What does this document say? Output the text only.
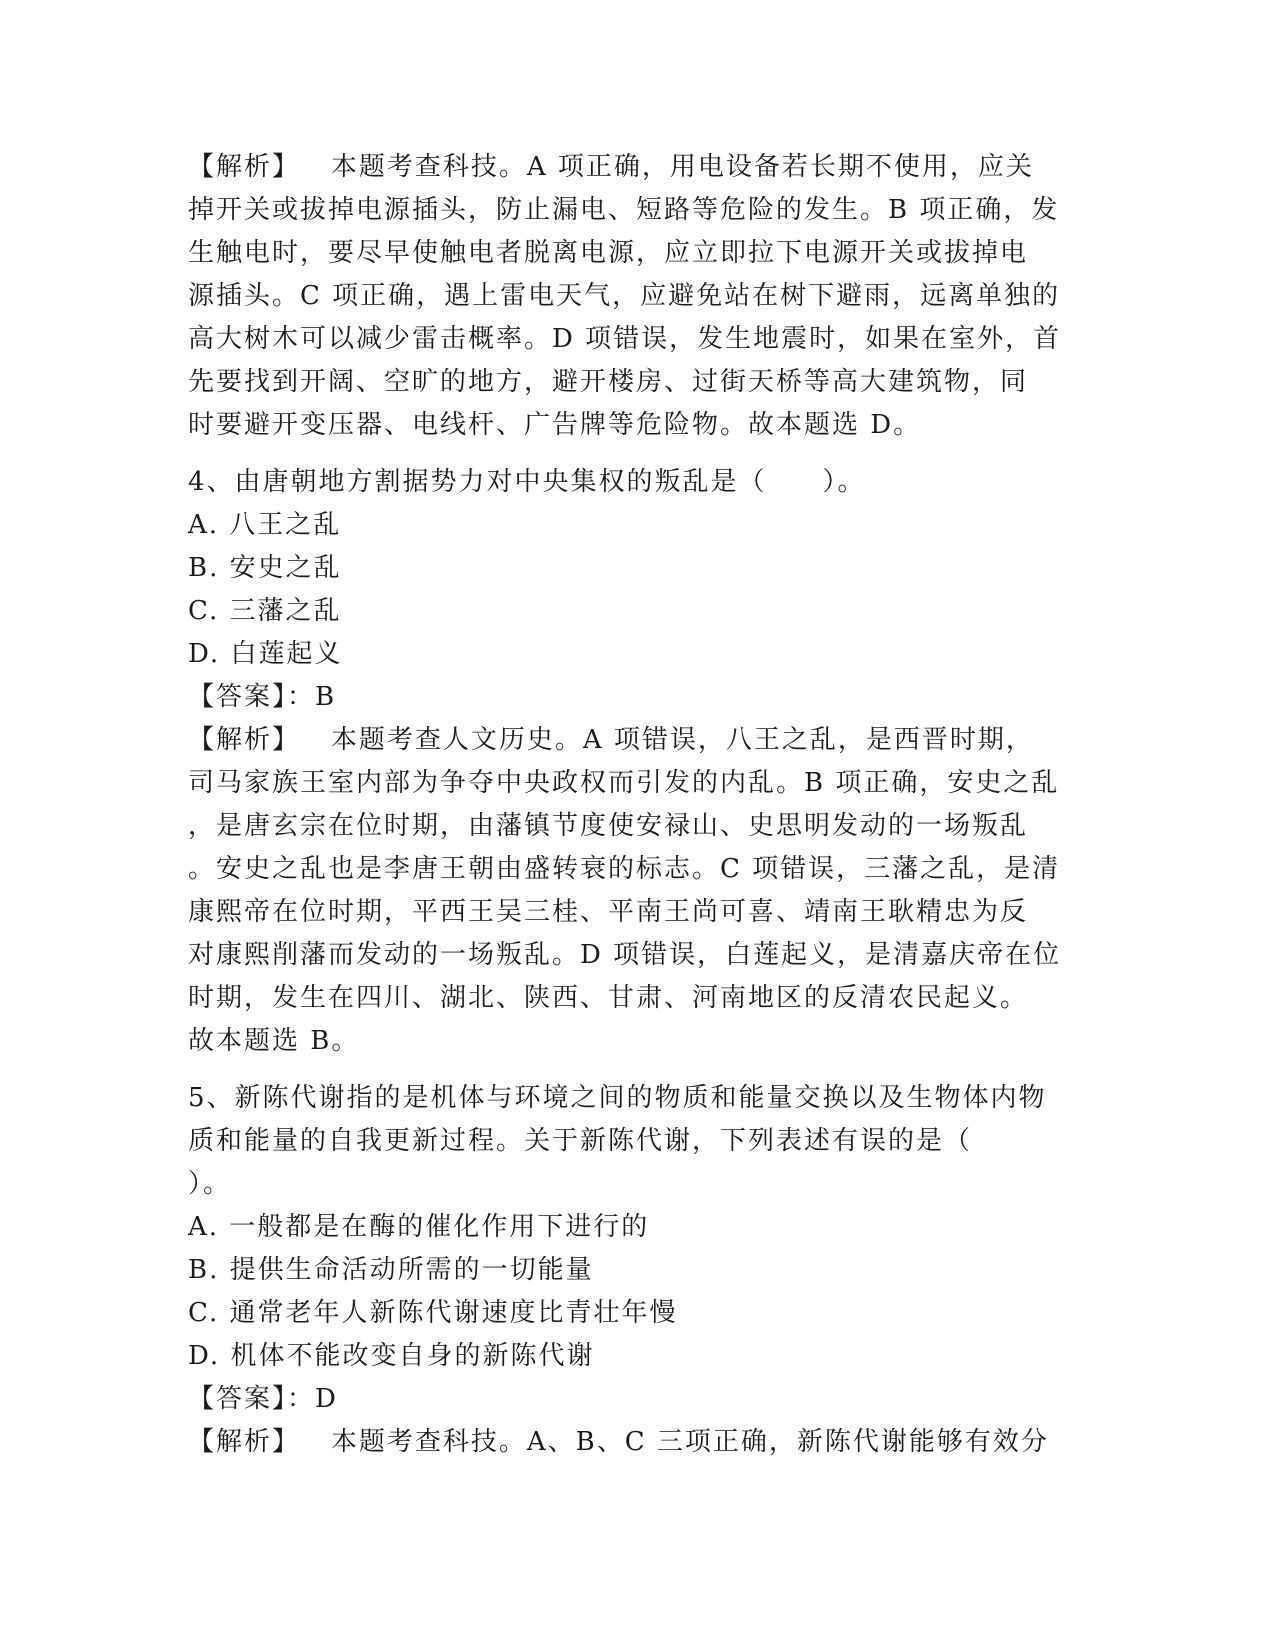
【解析】 本题考查科技。A 项正确，用电设备若长期不使用，应关
掉开关或拔掉电源插头，防止漏电、短路等危险的发生。B 项正确，发
生触电时，要尽早使触电者脱离电源，应立即拉下电源开关或拔掉电
源插头。C 项正确，遇上雷电天气，应避免站在树下避雨，远离单独的
高大树木可以减少雷击概率。D 项错误，发生地震时，如果在室外，首
先要找到开阔、空旷的地方，避开楼房、过街天桥等高大建筑物，同
时要避开变压器、电线杆、广告牌等危险物。故本题选 D。
4、由唐朝地方割据势力对中央集权的叛乱是（　　）。
A. 八王之乱
B. 安史之乱
C. 三藩之乱
D. 白莲起义
【答案】：B
【解析】 本题考查人文历史。A 项错误，八王之乱，是西晋时期，
司马家族王室内部为争夺中央政权而引发的内乱。B 项正确，安史之乱
，是唐玄宗在位时期，由藩镇节度使安禄山、史思明发动的一场叛乱
。安史之乱也是李唐王朝由盛转衰的标志。C 项错误，三藩之乱，是清
康熙帝在位时期，平西王吴三桂、平南王尚可喜、靖南王耿精忠为反
对康熙削藩而发动的一场叛乱。D 项错误，白莲起义，是清嘉庆帝在位
时期，发生在四川、湖北、陕西、甘肃、河南地区的反清农民起义。
故本题选 B。
5、新陈代谢指的是机体与环境之间的物质和能量交换以及生物体内物
质和能量的自我更新过程。关于新陈代谢，下列表述有误的是（
）。
A. 一般都是在酶的催化作用下进行的
B. 提供生命活动所需的一切能量
C. 通常老年人新陈代谢速度比青壮年慢
D. 机体不能改变自身的新陈代谢
【答案】：D
【解析】 本题考查科技。A、B、C 三项正确，新陈代谢能够有效分
